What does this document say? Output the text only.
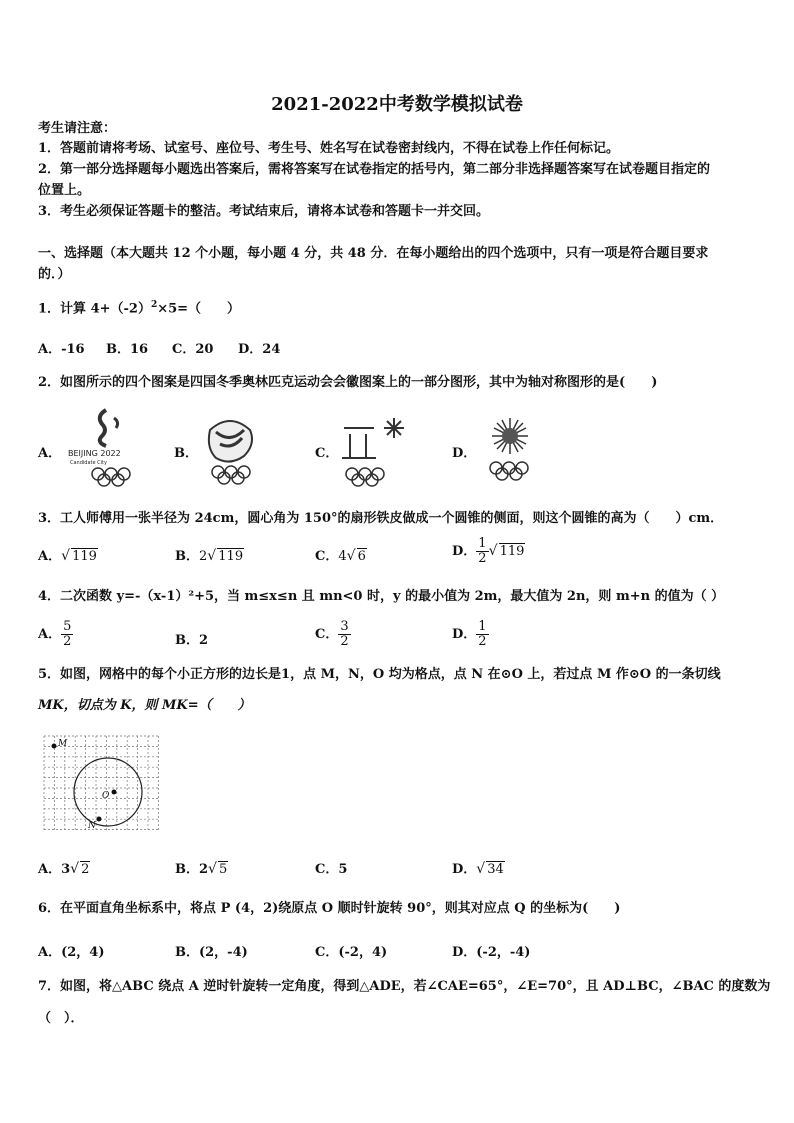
2021-2022中考数学模拟试卷
考生请注意：
1．答题前请将考场、试室号、座位号、考生号、姓名写在试卷密封线内，不得在试卷上作任何标记。
2．第一部分选择题每小题选出答案后，需将答案写在试卷指定的括号内，第二部分非选择题答案写在试卷题目指定的
位置上。
3．考生必须保证答题卡的整洁。考试结束后，请将本试卷和答题卡一并交回。
一、选择题（本大题共 12 个小题，每小题 4 分，共 48 分．在每小题给出的四个选项中，只有一项是符合题目要求
的．）
1．计算 $4+(-2)^2\times 5=$（　　）
A．-16 B．16 C．20 D．24
2．如图所示的四个图案是四国冬季奥林匹克运动会会徽图案上的一部分图形，其中为轴对称图形的是(　　)
A．	B．	C．	D．
BEIJING 2022
Candidate City
3．工人师傅用一张半径为 24cm，圆心角为 150°的扇形铁皮做成一个圆锥的侧面，则这个圆锥的高为（　　）cm．
A． √ 119	B．2 √ 119	C．4 √ 6	D． $\frac{1}{2}$ √ 119
4．二次函数 y=-（x-1）²+5，当 m≤x≤n 且 mn<0 时，y 的最小值为 2m，最大值为 2n，则 m+n 的值为（ ）
A． $\frac{5}{2}$	B．2	C． $\frac{3}{2}$	D． $\frac{1}{2}$
5．如图，网格中的每个小正方形的边长是1，点 M，N，O 均为格点，点 N 在⊙O 上，若过点 M 作⊙O 的一条切线
MK，切点为 K，则 MK=（　　）
M
O
N
A．3 √ 2	B．2 √ 5	C．5	D． √ 34
6．在平面直角坐标系中，将点 P (4，2)绕原点 O 顺时针旋转 90°，则其对应点 Q 的坐标为(　　)
A．(2，4)	B．(2，-4)	C．(-2，4)	D．(-2，-4)
7．如图，将△ABC 绕点 A 逆时针旋转一定角度，得到△ADE，若∠CAE=65°，∠E=70°，且 AD⊥BC，∠BAC 的度数为
（　）．
